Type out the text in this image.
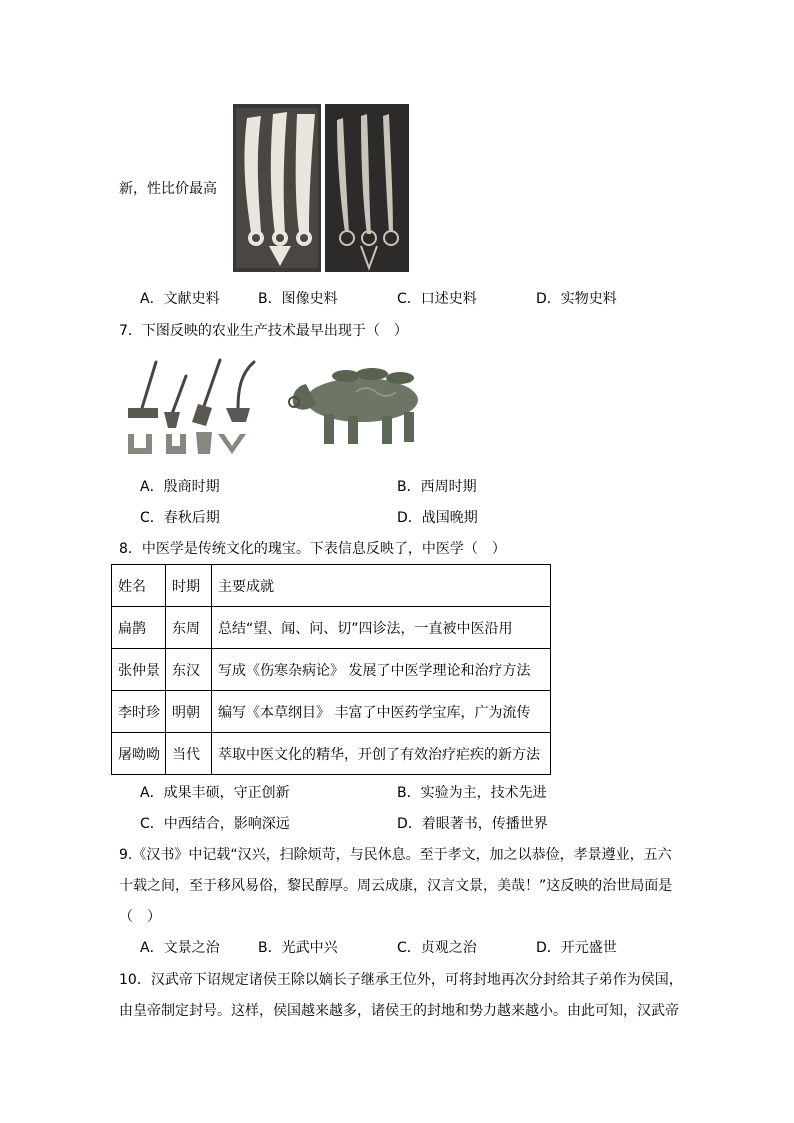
新，性比价最高
A．文献史料	B．图像史料	C．口述史料	D．实物史料
7．下图反映的农业生产技术最早出现于（　）
A．殷商时期	B．西周时期
C．春秋后期	D．战国晚期
8．中医学是传统文化的瑰宝。下表信息反映了，中医学（　）
姓名	时期	主要成就
扁鹊	东周	总结“望、闻、问、切”四诊法，一直被中医沿用
张仲景	东汉	写成《伤寒杂病论》 发展了中医学理论和治疗方法
李时珍	明朝	编写《本草纲目》 丰富了中医药学宝库，广为流传
屠呦呦	当代	萃取中医文化的精华，开创了有效治疗疟疾的新方法
A．成果丰硕，守正创新	B．实验为主，技术先进
C．中西结合，影响深远	D．着眼著书，传播世界
9.《汉书》中记载“汉兴，扫除烦苛，与民休息。至于孝文，加之以恭俭，孝景遵业，五六
十载之间，至于移风易俗，黎民醇厚。周云成康，汉言文景，美哉！”这反映的治世局面是
（　）
A．文景之治	B．光武中兴	C．贞观之治	D．开元盛世
10．汉武帝下诏规定诸侯王除以嫡长子继承王位外，可将封地再次分封给其子弟作为侯国，
由皇帝制定封号。这样，侯国越来越多，诸侯王的封地和势力越来越小。由此可知，汉武帝
